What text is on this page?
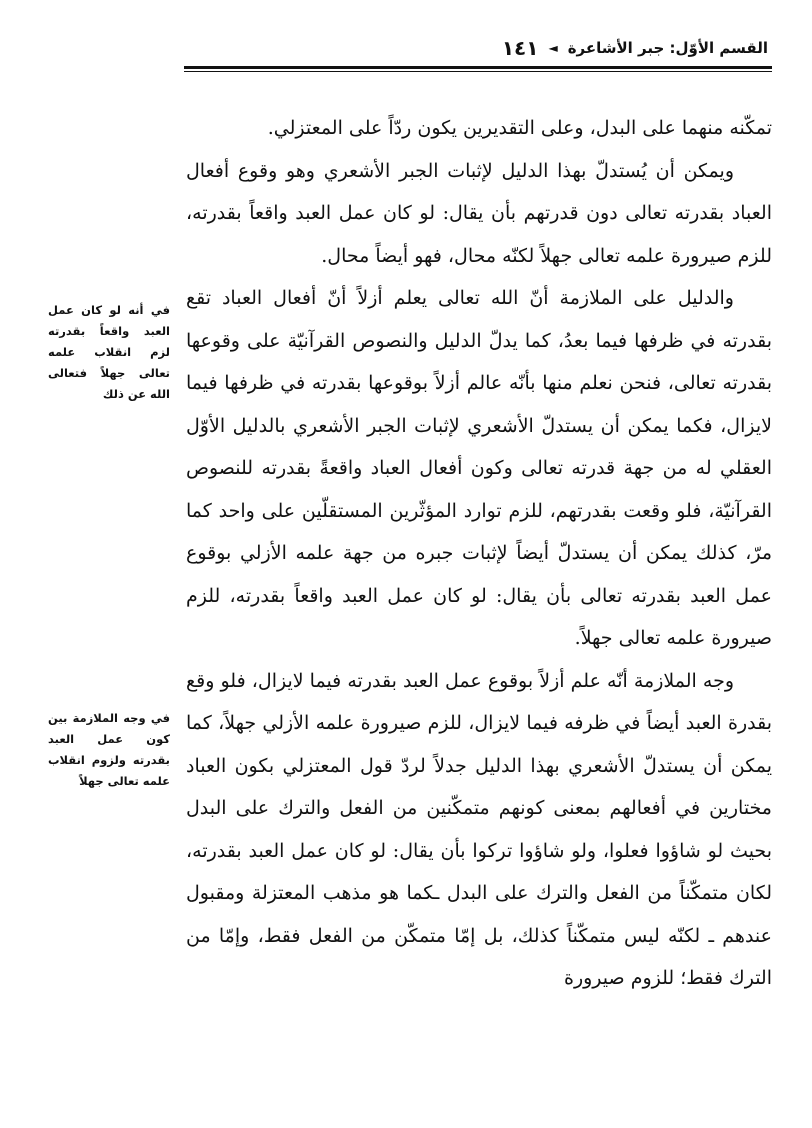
القسم الأوّل: جبر الأشاعرة
◄
١٤١

تمكّنه منهما على البدل، وعلى التقديرين يكون ردّاً على المعتزلي.

ويمكن أن يُستدلّ بهذا الدليل لإثبات الجبر الأشعري وهو وقوع أفعال العباد بقدرته تعالى دون قدرتهم بأن يقال: لو كان عمل العبد واقعاً بقدرته، للزم صيرورة علمه تعالى جهلاً لكنّه محال، فهو أيضاً محال.

والدليل على الملازمة أنّ الله تعالى يعلم أزلاً أنّ أفعال العباد تقع بقدرته في ظرفها فيما بعدُ، كما يدلّ الدليل والنصوص القرآنيّة على وقوعها بقدرته تعالى، فنحن نعلم منها بأنّه عالم أزلاً بوقوعها بقدرته في ظرفها فيما لايزال، فكما يمكن أن يستدلّ الأشعري لإثبات الجبر الأشعري بالدليل الأوّل العقلي له من جهة قدرته تعالى وكون أفعال العباد واقعةً بقدرته للنصوص القرآنيّة، فلو وقعت بقدرتهم، للزم توارد المؤثّرين المستقلّين على واحد كما مرّ، كذلك يمكن أن يستدلّ أيضاً لإثبات جبره من جهة علمه الأزلي بوقوع عمل العبد بقدرته تعالى بأن يقال: لو كان عمل العبد واقعاً بقدرته، للزم صيرورة علمه تعالى جهلاً.

وجه الملازمة أنّه علم أزلاً بوقوع عمل العبد بقدرته فيما لايزال، فلو وقع بقدرة العبد أيضاً في ظرفه فيما لايزال، للزم صيرورة علمه الأزلي جهلاً، كما يمكن أن يستدلّ الأشعري بهذا الدليل جدلاً لردّ قول المعتزلي بكون العباد مختارين في أفعالهم بمعنى كونهم متمكّنين من الفعل والترك على البدل بحيث لو شاؤوا فعلوا، ولو شاؤوا تركوا بأن يقال: لو كان عمل العبد بقدرته، لكان متمكّناً من الفعل والترك على البدل ـكما هو مذهب المعتزلة ومقبول عندهم ـ لكنّه ليس متمكّناً كذلك، بل إمّا متمكّن من الفعل فقط، وإمّا من الترك فقط؛ للزوم صيرورة

في أنه لو كان عمل العبد واقعاً بقدرته لزم انقلاب علمه تعالى جهلاً فتعالى الله عن ذلك
في وجه الملازمة بين كون عمل العبد بقدرته ولزوم انقلاب علمه تعالى جهلاً
